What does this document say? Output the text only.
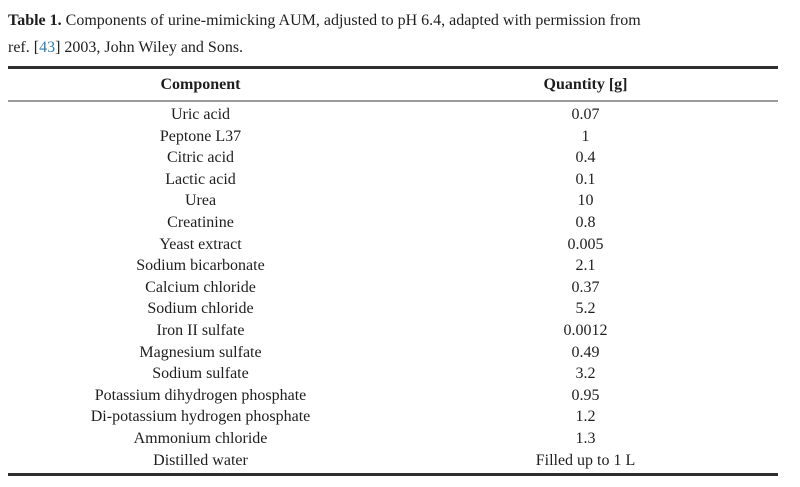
Table 1. Components of urine-mimicking AUM, adjusted to pH 6.4, adapted with permission from
ref. [43] 2003, John Wiley and Sons.

Component	Quantity [g]
Uric acid	0.07
Peptone L37	1
Citric acid	0.4
Lactic acid	0.1
Urea	10
Creatinine	0.8
Yeast extract	0.005
Sodium bicarbonate	2.1
Calcium chloride	0.37
Sodium chloride	5.2
Iron II sulfate	0.0012
Magnesium sulfate	0.49
Sodium sulfate	3.2
Potassium dihydrogen phosphate	0.95
Di-potassium hydrogen phosphate	1.2
Ammonium chloride	1.3
Distilled water	Filled up to 1 L
